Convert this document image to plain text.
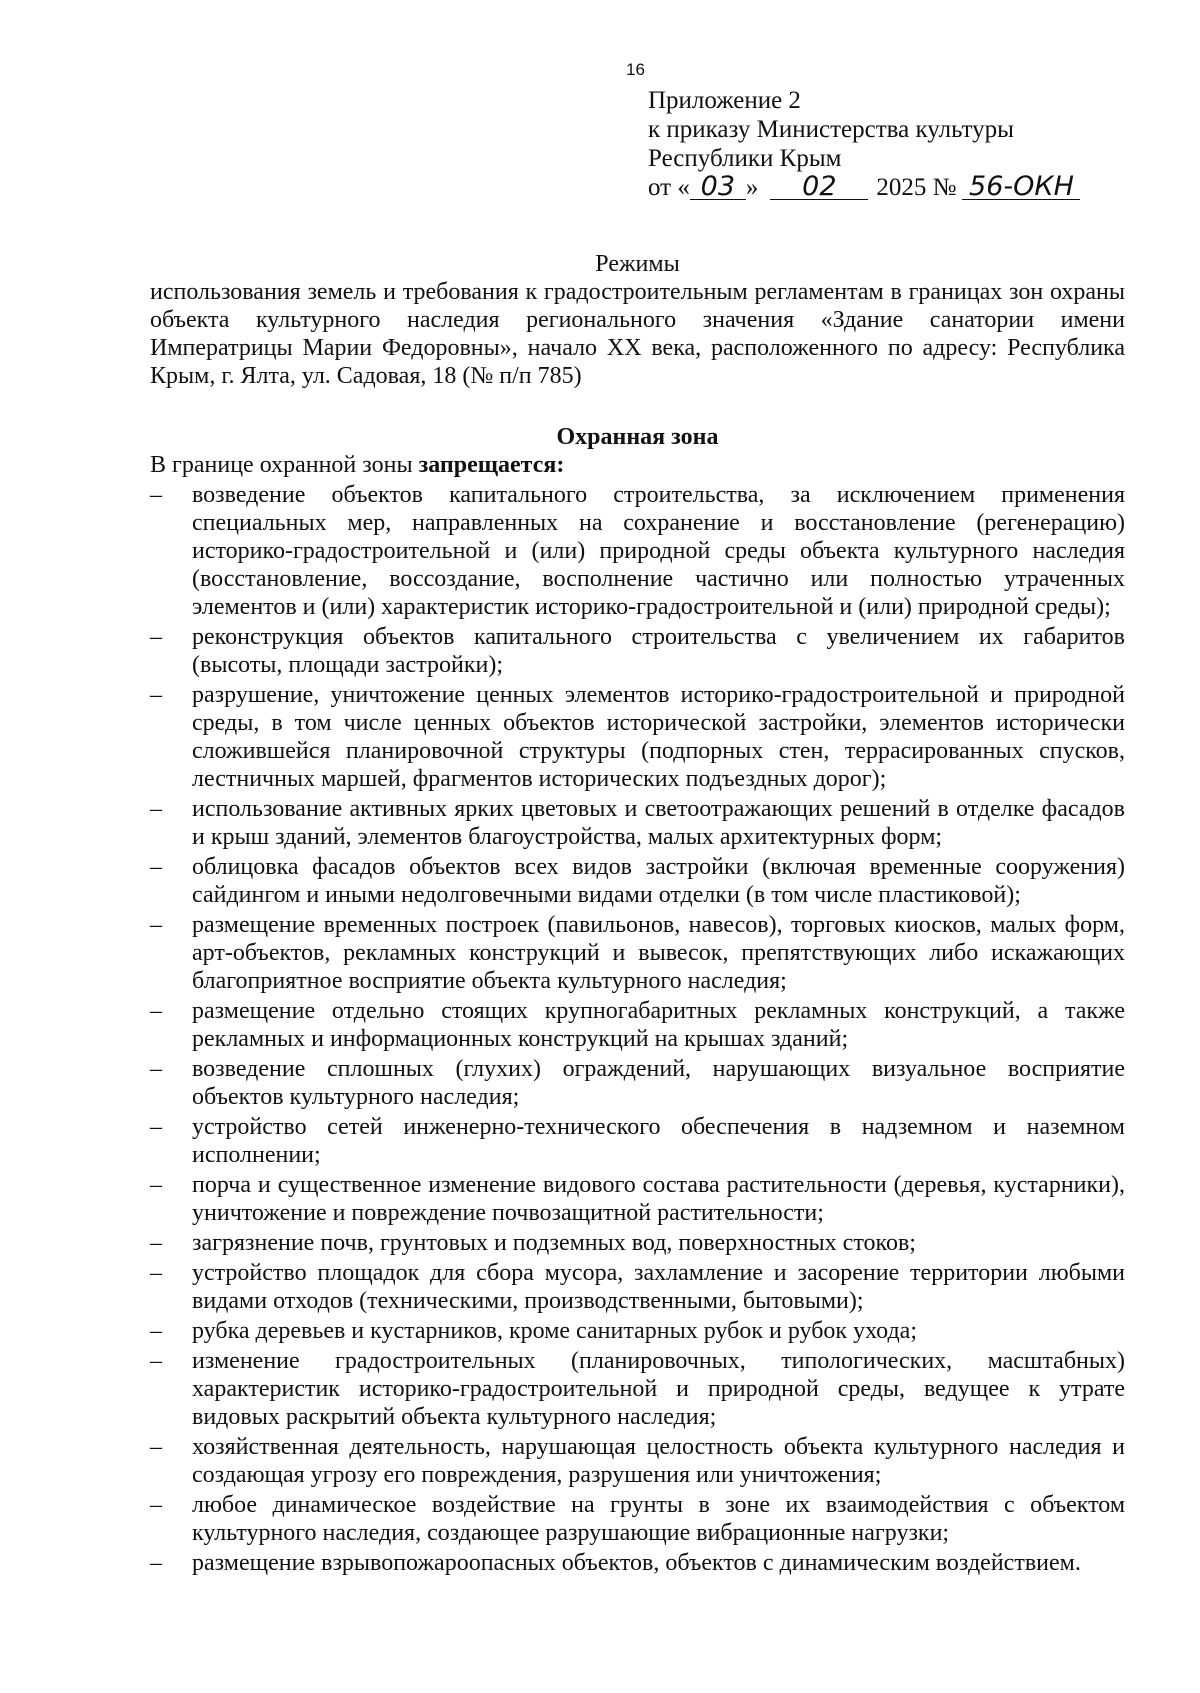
16
Приложение 2
к приказу Министерства культуры
Республики Крым
от « 03 » 02 2025 № 56-ОКН
Режимы
использования земель и требования к градостроительным регламентам в границах зон охраны объекта культурного наследия регионального значения «Здание санатории имени Императрицы Марии Федоровны», начало ХХ века, расположенного по адресу: Республика Крым, г. Ялта, ул. Садовая, 18 (№ п/п 785)
Охранная зона
В границе охранной зоны запрещается:
– возведение объектов капитального строительства, за исключением применения специальных мер, направленных на сохранение и восстановление (регенерацию) историко-градостроительной и (или) природной среды объекта культурного наследия (восстановление, воссоздание, восполнение частично или полностью утраченных элементов и (или) характеристик историко-градостроительной и (или) природной среды);
– реконструкция объектов капитального строительства с увеличением их габаритов (высоты, площади застройки);
– разрушение, уничтожение ценных элементов историко-градостроительной и природной среды, в том числе ценных объектов исторической застройки, элементов исторически сложившейся планировочной структуры (подпорных стен, террасированных спусков, лестничных маршей, фрагментов исторических подъездных дорог);
– использование активных ярких цветовых и светоотражающих решений в отделке фасадов и крыш зданий, элементов благоустройства, малых архитектурных форм;
– облицовка фасадов объектов всех видов застройки (включая временные сооружения) сайдингом и иными недолговечными видами отделки (в том числе пластиковой);
– размещение временных построек (павильонов, навесов), торговых киосков, малых форм, арт-объектов, рекламных конструкций и вывесок, препятствующих либо искажающих благоприятное восприятие объекта культурного наследия;
– размещение отдельно стоящих крупногабаритных рекламных конструкций, а также рекламных и информационных конструкций на крышах зданий;
– возведение сплошных (глухих) ограждений, нарушающих визуальное восприятие объектов культурного наследия;
– устройство сетей инженерно-технического обеспечения в надземном и наземном исполнении;
– порча и существенное изменение видового состава растительности (деревья, кустарники), уничтожение и повреждение почвозащитной растительности;
– загрязнение почв, грунтовых и подземных вод, поверхностных стоков;
– устройство площадок для сбора мусора, захламление и засорение территории любыми видами отходов (техническими, производственными, бытовыми);
– рубка деревьев и кустарников, кроме санитарных рубок и рубок ухода;
– изменение градостроительных (планировочных, типологических, масштабных) характеристик историко-градостроительной и природной среды, ведущее к утрате видовых раскрытий объекта культурного наследия;
– хозяйственная деятельность, нарушающая целостность объекта культурного наследия и создающая угрозу его повреждения, разрушения или уничтожения;
– любое динамическое воздействие на грунты в зоне их взаимодействия с объектом культурного наследия, создающее разрушающие вибрационные нагрузки;
– размещение взрывопожароопасных объектов, объектов с динамическим воздействием.
